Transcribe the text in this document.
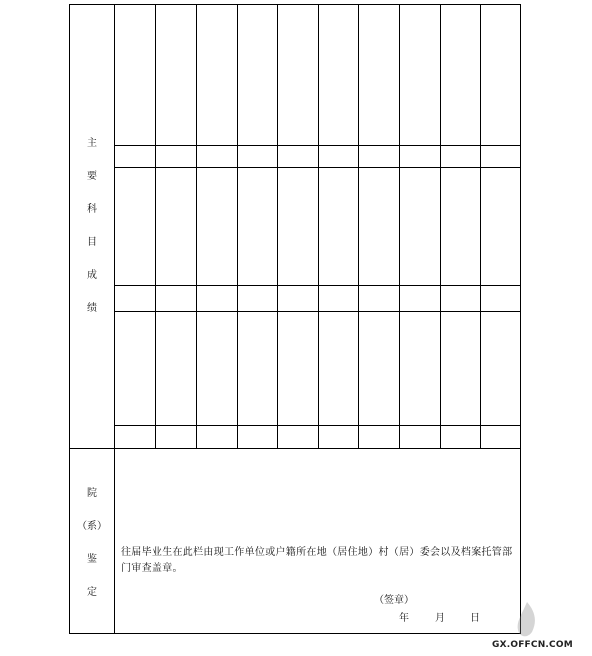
主
要
科
目
成
绩
院
（系）
鉴
定
往届毕业生在此栏由现工作单位或户籍所在地（居住地）村（居）委会以及档案托管部门审查盖章。
（签章）
年	月	日
GX.OFFCN.COM
